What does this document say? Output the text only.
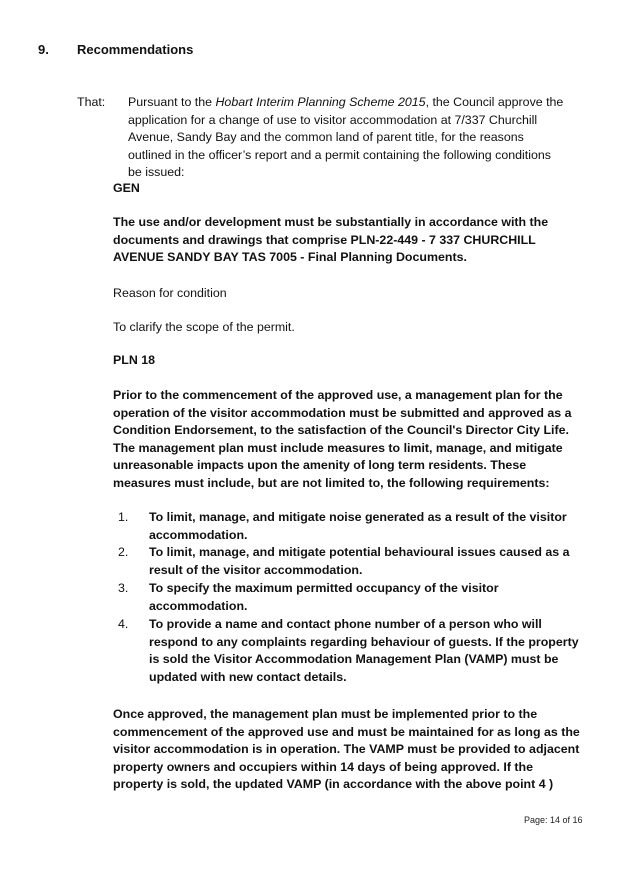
9. Recommendations
That: Pursuant to the Hobart Interim Planning Scheme 2015, the Council approve the application for a change of use to visitor accommodation at 7/337 Churchill Avenue, Sandy Bay and the common land of parent title, for the reasons outlined in the officer’s report and a permit containing the following conditions be issued:
GEN
The use and/or development must be substantially in accordance with the documents and drawings that comprise PLN-22-449 - 7 337 CHURCHILL AVENUE SANDY BAY TAS 7005 - Final Planning Documents.
Reason for condition
To clarify the scope of the permit.
PLN 18
Prior to the commencement of the approved use, a management plan for the operation of the visitor accommodation must be submitted and approved as a Condition Endorsement, to the satisfaction of the Council's Director City Life. The management plan must include measures to limit, manage, and mitigate unreasonable impacts upon the amenity of long term residents. These measures must include, but are not limited to, the following requirements:
1. To limit, manage, and mitigate noise generated as a result of the visitor accommodation.
2. To limit, manage, and mitigate potential behavioural issues caused as a result of the visitor accommodation.
3. To specify the maximum permitted occupancy of the visitor accommodation.
4. To provide a name and contact phone number of a person who will respond to any complaints regarding behaviour of guests. If the property is sold the Visitor Accommodation Management Plan (VAMP) must be updated with new contact details.
Once approved, the management plan must be implemented prior to the commencement of the approved use and must be maintained for as long as the visitor accommodation is in operation. The VAMP must be provided to adjacent property owners and occupiers within 14 days of being approved. If the property is sold, the updated VAMP (in accordance with the above point 4 )
Page: 14 of 16
